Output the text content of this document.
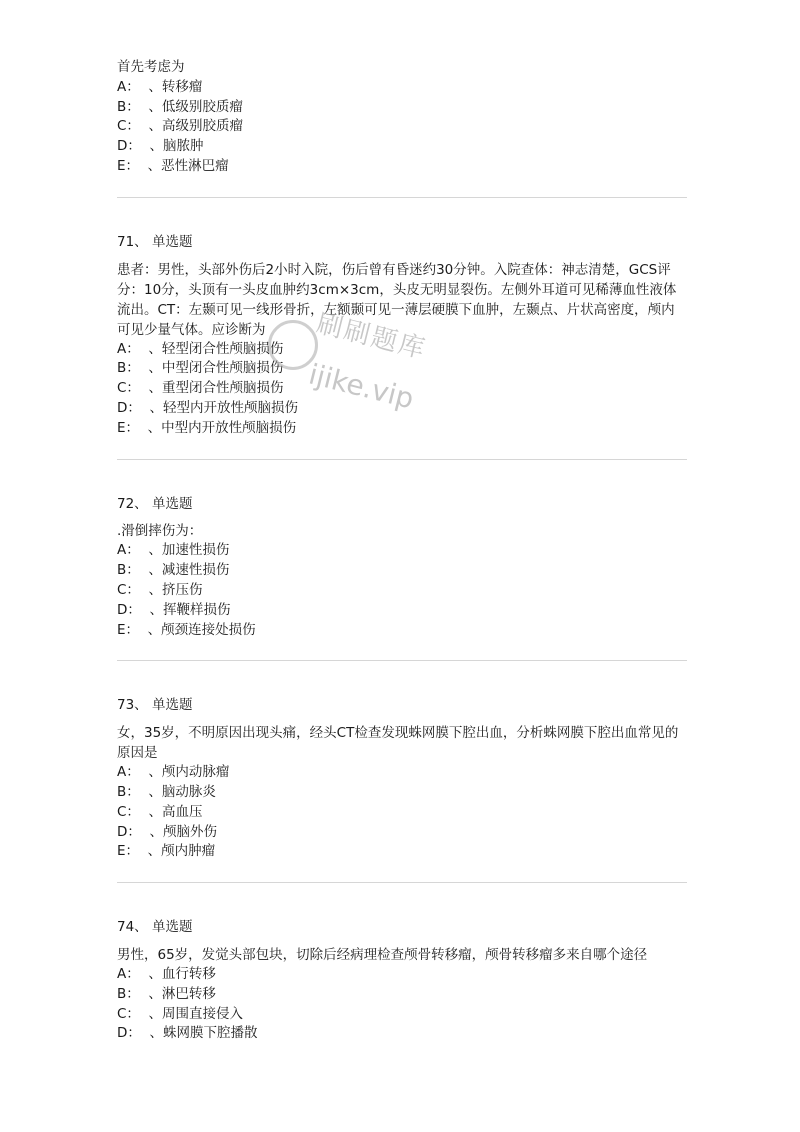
首先考虑为
A：  、转移瘤
B：  、低级别胶质瘤
C：  、高级别胶质瘤
D：  、脑脓肿
E：  、恶性淋巴瘤
71、 单选题
患者：男性，头部外伤后2小时入院，伤后曾有昏迷约30分钟。入院查体：神志清楚，GCS评分：10分，头顶有一头皮血肿约3cm×3cm，头皮无明显裂伤。左侧外耳道可见稀薄血性液体流出。CT：左颞可见一线形骨折，左额颞可见一薄层硬膜下血肿，左颞点、片状高密度，颅内可见少量气体。应诊断为
A：  、轻型闭合性颅脑损伤
B：  、中型闭合性颅脑损伤
C：  、重型闭合性颅脑损伤
D：  、轻型内开放性颅脑损伤
E：  、中型内开放性颅脑损伤
72、 单选题
.滑倒摔伤为：
A：  、加速性损伤
B：  、减速性损伤
C：  、挤压伤
D：  、挥鞭样损伤
E：  、颅颈连接处损伤
73、 单选题
女，35岁，不明原因出现头痛，经头CT检查发现蛛网膜下腔出血，分析蛛网膜下腔出血常见的原因是
A：  、颅内动脉瘤
B：  、脑动脉炎
C：  、高血压
D：  、颅脑外伤
E：  、颅内肿瘤
74、 单选题
男性，65岁，发觉头部包块，切除后经病理检查颅骨转移瘤，颅骨转移瘤多来自哪个途径
A：  、血行转移
B：  、淋巴转移
C：  、周围直接侵入
D：  、蛛网膜下腔播散
刷刷题库
ijike.vip
